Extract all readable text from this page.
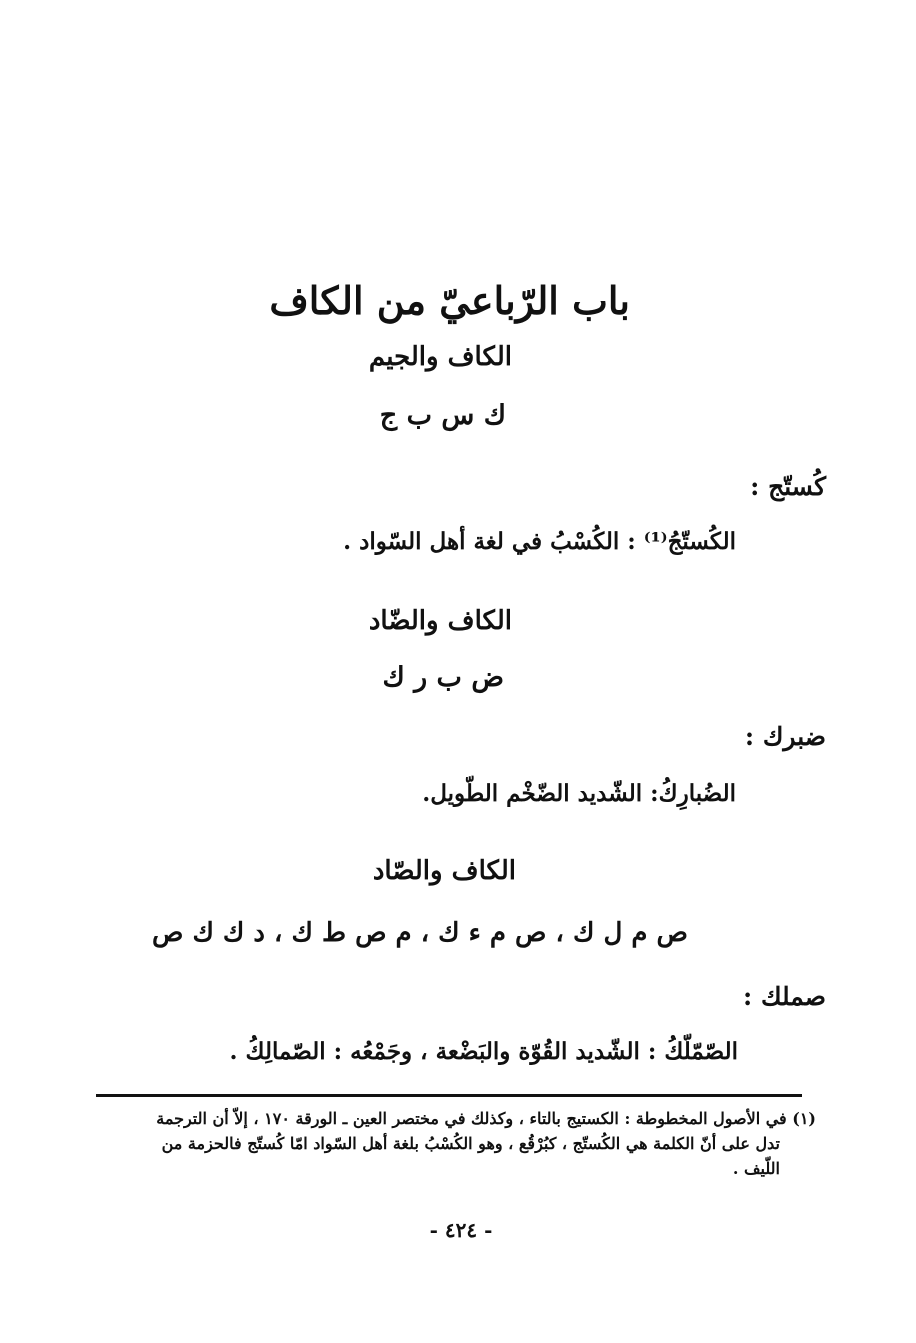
باب الرّباعيّ من الكاف
الكاف والجيم
ك س ب ج
كُستّج :
الكُستّجُ⁽¹⁾ : الكُسْبُ في لغة أهل السّواد .
الكاف والضّاد
ض ب ر ك
ضبرك :
الضُبارِكُ: الشّديد الضّخْم الطّويل.
الكاف والصّاد
ص م ل ك ، ص م ء ك ، م ص ط ك ، د ك ك ص
صملك :
الصّمّلّكُ : الشّديد القُوّة والبَضْعة ، وجَمْعُه : الصّمالِكُ .
(١) في الأصول المخطوطة : الكستيج بالتاء ، وكذلك في مختصر العين ـ الورقة ١٧٠ ، إلاّ أن الترجمة
تدل على أنّ الكلمة هي الكُستّج ، كبُرْقُع ، وهو الكُسْبُ بلغة أهل السّواد امّا كُستّج فالحزمة من
اللّيف .
- ٤٢٤ -
